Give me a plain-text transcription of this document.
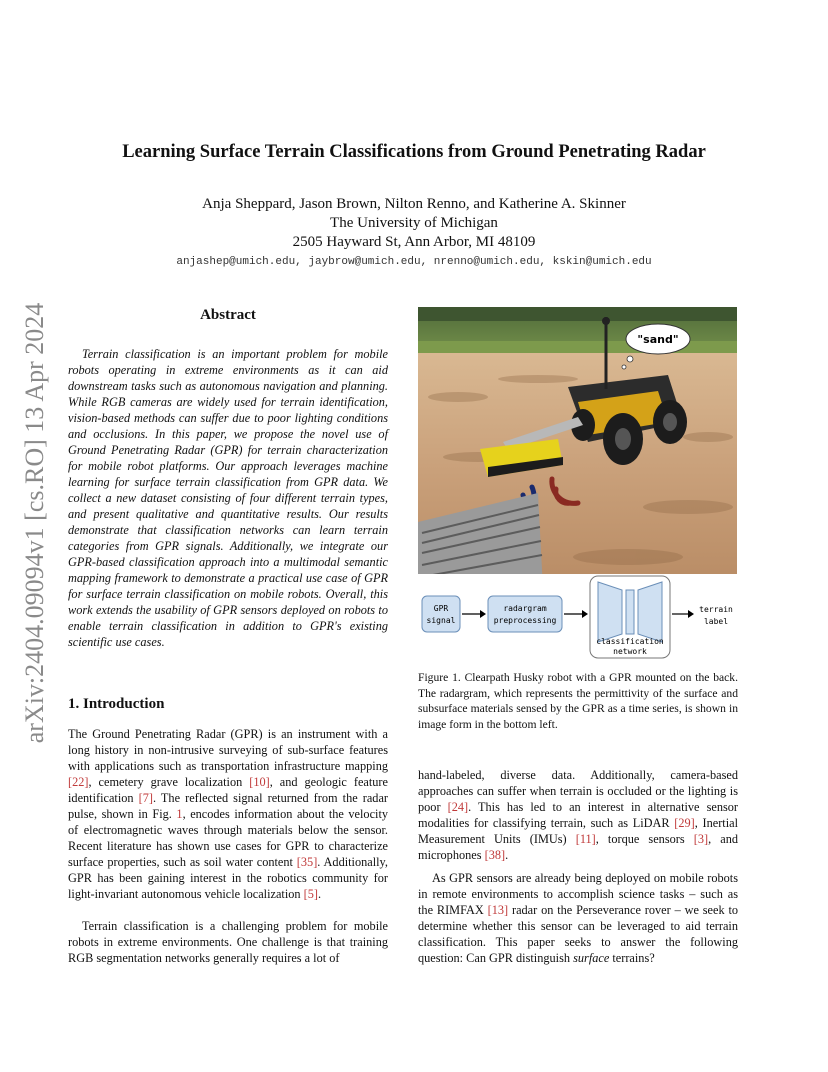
arXiv:2404.09094v1 [cs.RO] 13 Apr 2024
Learning Surface Terrain Classifications from Ground Penetrating Radar
Anja Sheppard, Jason Brown, Nilton Renno, and Katherine A. Skinner
The University of Michigan
2505 Hayward St, Ann Arbor, MI 48109
anjashep@umich.edu, jaybrow@umich.edu, nrenno@umich.edu, kskin@umich.edu
Abstract

Terrain classification is an important problem for mobile robots operating in extreme environments as it can aid downstream tasks such as autonomous navigation and planning. While RGB cameras are widely used for terrain identification, vision-based methods can suffer due to poor lighting conditions and occlusions. In this paper, we propose the novel use of Ground Penetrating Radar (GPR) for terrain characterization for mobile robot platforms. Our approach leverages machine learning for surface terrain classification from GPR data. We collect a new dataset consisting of four different terrain types, and present qualitative and quantitative results. Our results demonstrate that classification networks can learn terrain categories from GPR signals. Additionally, we integrate our GPR-based classification approach into a multimodal semantic mapping framework to demonstrate a practical use case of GPR for surface terrain classification on mobile robots. Overall, this work extends the usability of GPR sensors deployed on robots to enable terrain classification in addition to GPR's existing scientific use cases.

1. Introduction

The Ground Penetrating Radar (GPR) is an instrument with a long history in non-intrusive surveying of sub-surface features with applications such as transportation infrastructure mapping [22], cemetery grave localization [10], and geologic feature identification [7]. The reflected signal returned from the radar pulse, shown in Fig. 1, encodes information about the velocity of electromagnetic waves through materials below the sensor. Recent literature has shown use cases for GPR to characterize surface properties, such as soil water content [35]. Additionally, GPR has been gaining interest in the robotics community for light-invariant autonomous vehicle localization [5].

Terrain classification is a challenging problem for mobile robots in extreme environments. One challenge is that training RGB segmentation networks generally requires a lot of

"sand"
GPR
signal
radargram
preprocessing
classification
network
terrain
label

Figure 1. Clearpath Husky robot with a GPR mounted on the back. The radargram, which represents the permittivity of the surface and subsurface materials sensed by the GPR as a time series, is shown in image form in the bottom left.

hand-labeled, diverse data. Additionally, camera-based approaches can suffer when terrain is occluded or the lighting is poor [24]. This has led to an interest in alternative sensor modalities for classifying terrain, such as LiDAR [29], Inertial Measurement Units (IMUs) [11], torque sensors [3], and microphones [38].

As GPR sensors are already being deployed on mobile robots in remote environments to accomplish science tasks – such as the RIMFAX [13] radar on the Perseverance rover – we seek to determine whether this sensor can be leveraged to aid terrain classification. This paper seeks to answer the following question: Can GPR distinguish surface terrains?
